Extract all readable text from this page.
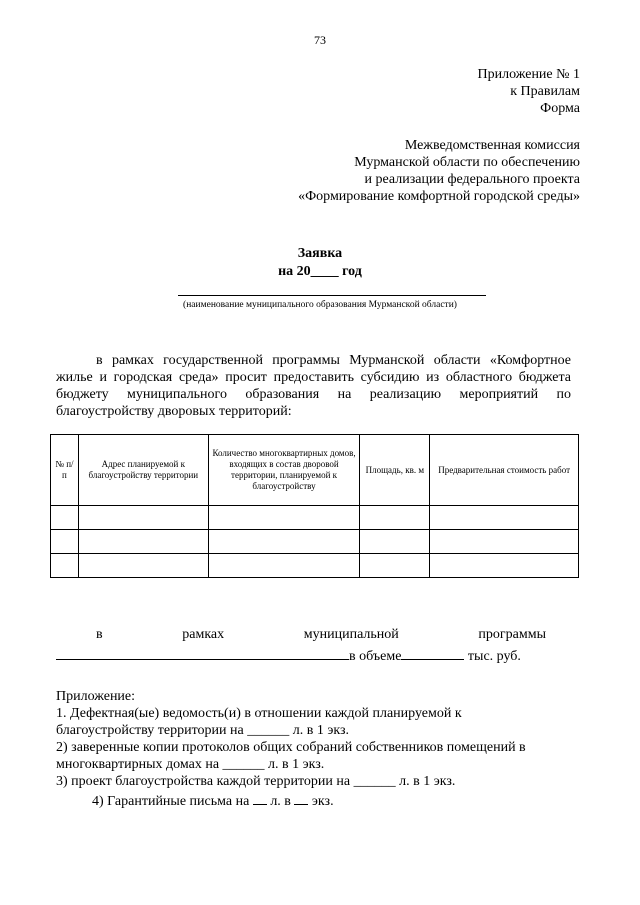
73
Приложение № 1
к Правилам
Форма
Межведомственная комиссия
Мурманской области по обеспечению
и реализации федерального проекта
«Формирование комфортной городской среды»
Заявка
на 20____ год
(наименование муниципального образования Мурманской области)
в рамках государственной программы Мурманской области «Комфортное жилье и городская среда» просит предоставить субсидию из областного бюджета бюджету муниципального образования на реализацию мероприятий по благоустройству дворовых территорий:
№ п/п	Адрес планируемой к благоустройству территории	Количество многоквартирных домов, входящих в состав дворовой территории, планируемой к благоустройству	Площадь, кв. м	Предварительная стоимость работ

в	рамках	муниципальной	программы
в объеме	тыс. руб.
Приложение:
1. Дефектная(ые) ведомость(и) в отношении каждой планируемой к
благоустройству территории на ______ л. в 1 экз.
2) заверенные копии протоколов общих собраний собственников помещений в
многоквартирных домах на ______ л. в 1 экз.
3) проект благоустройства каждой территории на ______ л. в 1 экз.
4) Гарантийные письма на л. в экз.
